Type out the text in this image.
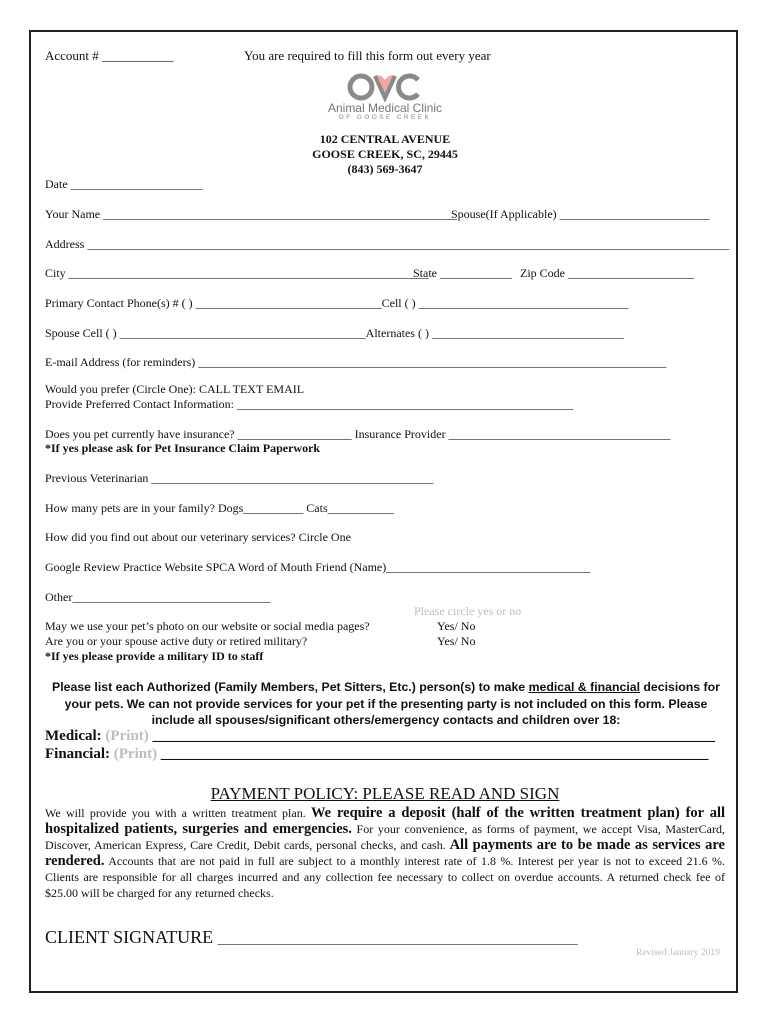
Account # ___________	You are required to fill this form out every year
Animal Medical Clinic
OF GOOSE CREEK
102 CENTRAL AVENUE
GOOSE CREEK, SC, 29445
(843) 569-3647
Date ______________________
Your Name ___________________________________________________________
Spouse(If Applicable) _________________________
Address ___________________________________________________________________________________________________________
City ____________________________________________________________
State ____________ Zip Code _____________________
Primary Contact Phone(s) # ( ) _______________________________Cell ( ) ___________________________________
Spouse Cell ( ) _________________________________________Alternates ( ) ________________________________
E-mail Address (for reminders) ______________________________________________________________________________
Would you prefer (Circle One): CALL TEXT EMAIL
Provide Preferred Contact Information: ________________________________________________________
Does you pet currently have insurance? ___________________ Insurance Provider _____________________________________
*If yes please ask for Pet Insurance Claim Paperwork
Previous Veterinarian _______________________________________________
How many pets are in your family? Dogs__________ Cats___________
How did you find out about our veterinary services? Circle One
Google Review Practice Website SPCA Word of Mouth Friend (Name)__________________________________
Other_________________________________
Please circle yes or no
May we use your pet’s photo on our website or social media pages?	Yes/ No
Are you or your spouse active duty or retired military?	Yes/ No
*If yes please provide a military ID to staff
Please list each Authorized (Family Members, Pet Sitters, Etc.) person(s) to make medical & financial decisions for your pets. We can not provide services for your pet if the presenting party is not included on this form. Please include all spouses/significant others/emergency contacts and children over 18:
Medical: (Print) ___________________________________________________________________________
Financial: (Print) _________________________________________________________________________
PAYMENT POLICY: PLEASE READ AND SIGN
We will provide you with a written treatment plan. We require a deposit (half of the written treatment plan) for all hospitalized patients, surgeries and emergencies. For your convenience, as forms of payment, we accept Visa, MasterCard, Discover, American Express, Care Credit, Debit cards, personal checks, and cash. All payments are to be made as services are rendered. Accounts that are not paid in full are subject to a monthly interest rate of 1.8 %. Interest per year is not to exceed 21.6 %. Clients are responsible for all charges incurred and any collection fee necessary to collect on overdue accounts. A returned check fee of $25.00 will be charged for any returned checks.
CLIENT SIGNATURE ____________________________________________________________
Revised January 2019
